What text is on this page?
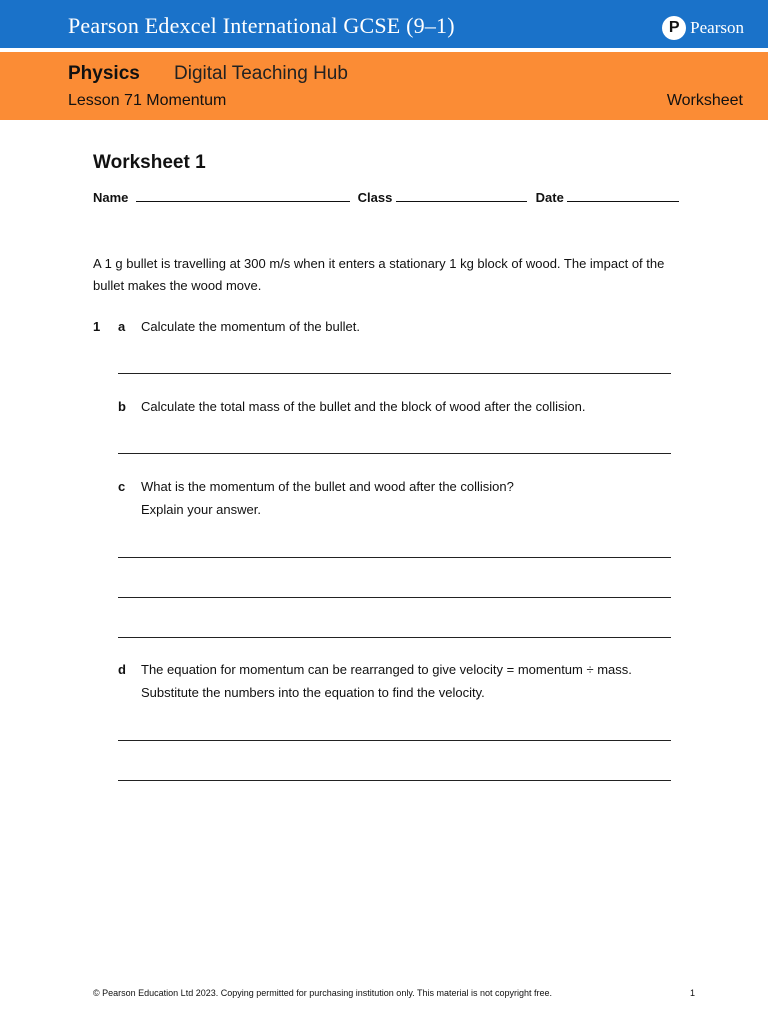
Pearson Edexcel International GCSE (9–1)	P Pearson
Physics Digital Teaching Hub
Lesson 71 Momentum	Worksheet
Worksheet 1
Name	Class	Date
A 1 g bullet is travelling at 300 m/s when it enters a stationary 1 kg block of wood. The impact of the bullet makes the wood move.
1 a Calculate the momentum of the bullet.
b Calculate the total mass of the bullet and the block of wood after the collision.
c What is the momentum of the bullet and wood after the collision?
Explain your answer.
d The equation for momentum can be rearranged to give velocity = momentum ÷ mass. Substitute the numbers into the equation to find the velocity.
© Pearson Education Ltd 2023. Copying permitted for purchasing institution only. This material is not copyright free.	1
